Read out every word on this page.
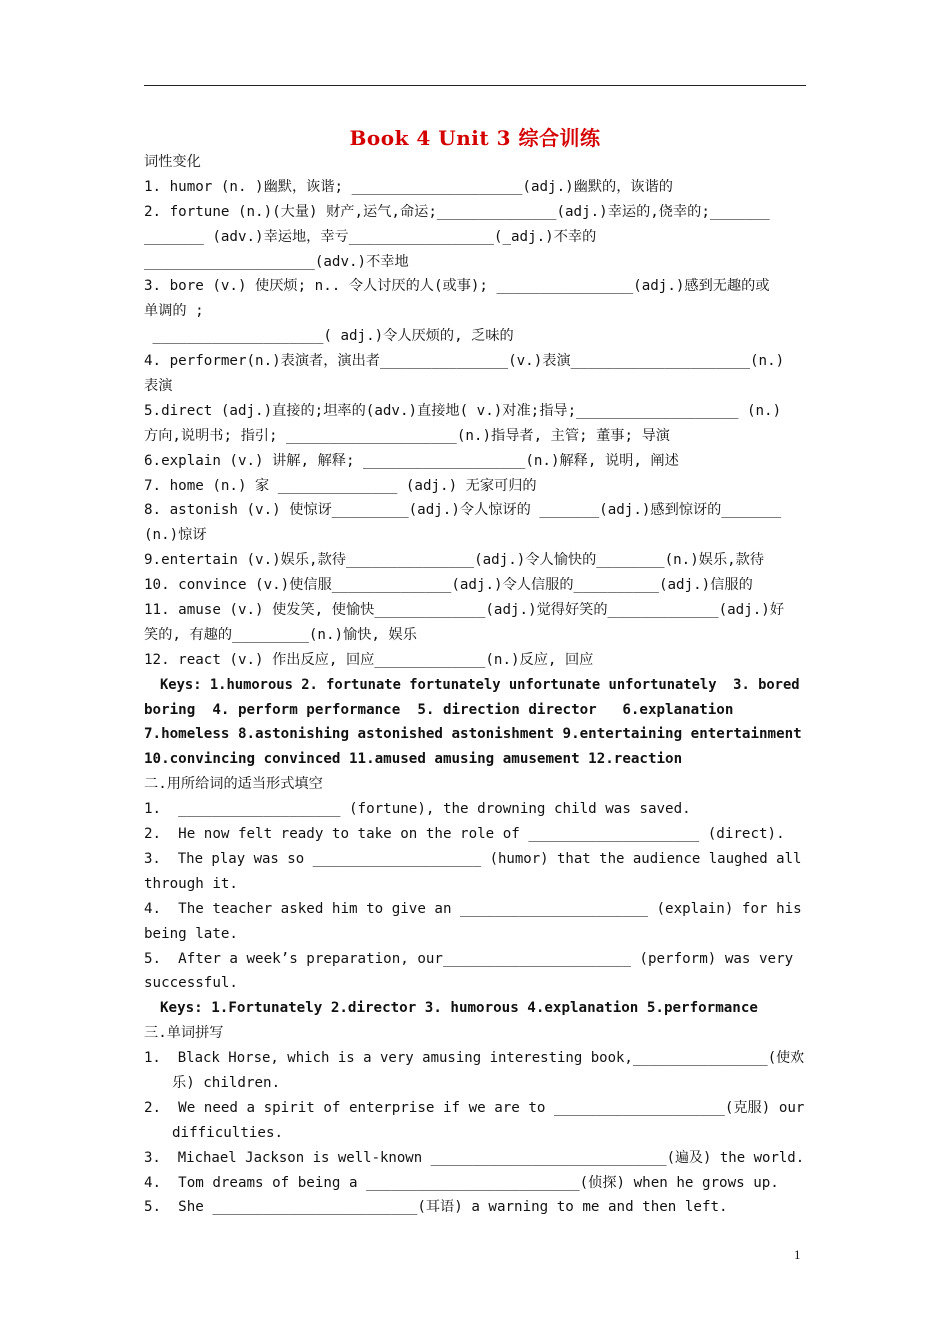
Book 4 Unit 3 综合训练
词性变化
1. humor (n. )幽默，诙谐; ____________________(adj.)幽默的，诙谐的
2. fortune (n.)(大量) 财产,运气,命运;______________(adj.)幸运的,侥幸的;_______
_______ (adv.)幸运地，幸亏_________________(_adj.)不幸的
____________________(adv.)不幸地
3. bore (v.) 使厌烦; n.. 令人讨厌的人(或事); ________________(adj.)感到无趣的或
单调的 ;
____________________( adj.)令人厌烦的, 乏味的
4. performer(n.)表演者，演出者_______________(v.)表演_____________________(n.)
表演
5.direct (adj.)直接的;坦率的(adv.)直接地( v.)对准;指导;___________________ (n.)
方向,说明书; 指引; ____________________(n.)指导者, 主管; 董事; 导演
6.explain (v.) 讲解, 解释; ___________________(n.)解释, 说明, 阐述
7. home (n.) 家 ______________ (adj.) 无家可归的
8. astonish (v.) 使惊讶_________(adj.)令人惊讶的 _______(adj.)感到惊讶的_______
(n.)惊讶
9.entertain (v.)娱乐,款待_______________(adj.)令人愉快的________(n.)娱乐,款待
10. convince (v.)使信服______________(adj.)令人信服的__________(adj.)信服的
11. amuse (v.) 使发笑, 使愉快_____________(adj.)觉得好笑的_____________(adj.)好
笑的, 有趣的_________(n.)愉快, 娱乐
12. react (v.) 作出反应, 回应_____________(n.)反应, 回应
Keys: 1.humorous 2. fortunate fortunately unfortunate unfortunately  3. bored
boring  4. perform performance  5. direction director   6.explanation
7.homeless 8.astonishing astonished astonishment 9.entertaining entertainment
10.convincing convinced 11.amused amusing amusement 12.reaction
二.用所给词的适当形式填空
1.  ___________________ (fortune), the drowning child was saved.
2.  He now felt ready to take on the role of ____________________ (direct).
3.  The play was so ____________________ (humor) that the audience laughed all
through it.
4.  The teacher asked him to give an ______________________ (explain) for his
being late.
5.  After a week’s preparation, our______________________ (perform) was very
successful.
Keys: 1.Fortunately 2.director 3. humorous 4.explanation 5.performance
三.单词拼写
1.  Black Horse, which is a very amusing interesting book,________________(使欢
乐) children.
2.  We need a spirit of enterprise if we are to ____________________(克服) our
difficulties.
3.  Michael Jackson is well-known ____________________________(遍及) the world.
4.  Tom dreams of being a _________________________(侦探) when he grows up.
5.  She ________________________(耳语) a warning to me and then left.
1
